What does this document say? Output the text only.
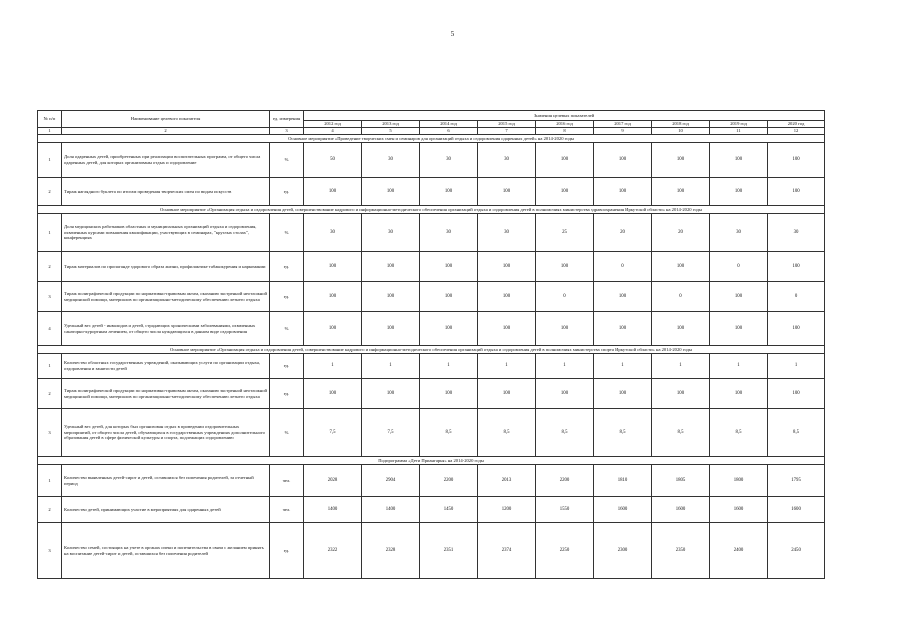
5
№ п/п	Наименование целевого показателя	ед. измерения	Значения целевых показателей								
			2012 год	2013 год	2014 год	2015 год	2016 год	2017 год	2018 год	2019 год	2020 год
1	2	3	4	5	6	7	8	9	10	11	12
Основное мероприятие «Проведение творческих смен и семинаров для организаций отдыха и оздоровления одаренных детей» на 2014-2020 годы											
1	Доля одаренных детей, приобретенных при реализации воспитательных программ, от общего числа одаренных детей, для которых организованы отдых и оздоровление	%	50	30	30	30	100	100	100	100	100
2	Тираж наглядного буклета по итогам проведения творческих смен по видам искусств	ед.	100	100	100	100	100	100	100	100	100
Основное мероприятие «Организация отдыха и оздоровления детей, совершенствование кадрового и информационно-методического обеспечения организаций отдыха и оздоровления детей в полномочиях министерства здравоохранения Иркутской области» на 2014-2020 годы											
1	Доля медицинских работников областных и муниципальных организаций отдыха и оздоровления, охваченных курсами повышения квалификации, участвующих в семинарах, "круглых столах", конференциях	%	30	30	30	30	25	20	20	30	30
2	Тираж материалов по пропаганде здорового образа жизни, профилактике табакокурения и наркомании	ед.	100	100	100	100	100	0	100	0	100
3	Тираж полиграфической продукции по нормативно-правовым актам, оказанию экстренной неотложной медицинской помощи, материалов по организационно-методическому обеспечению летнего отдыха	ед.	100	100	100	100	0	100	0	100	0
4	Удельный вес детей - инвалидов и детей, страдающих хроническими заболеваниями, охваченных санаторно-курортным лечением, от общего числа нуждающихся в данном виде оздоровления	%	100	100	100	100	100	100	100	100	100
Основное мероприятие «Организация отдыха и оздоровления детей, совершенствование кадрового и информационно-методического обеспечения организаций отдыха и оздоровления детей в полномочиях министерства спорта Иркутской области» на 2014-2020 годы											
1	Количество областных государственных учреждений, оказывающих услуги по организации отдыха, оздоровления и занятости детей	ед.	1	1	1	1	1	1	1	1	1
2	Тираж полиграфической продукции по нормативно-правовым актам, оказанию экстренной неотложной медицинской помощи, материалов по организационно-методическому обеспечению летнего отдыха	ед.	100	100	100	100	100	100	100	100	100
3	Удельный вес детей, для которых был организован отдых в проведении оздоровительных мероприятий, от общего числа детей, обучающихся в государственных учреждениях дополнительного образования детей в сфере физической культуры и спорта, подлежащих оздоровлению	%	7,5	7,5	8,5	8,5	8,5	8,5	8,5	8,5	8,5
Подпрограмма «Дети Приангарья» на 2014-2020 годы											
1	Количество выявленных детей-сирот и детей, оставшихся без попечения родителей, за отчетный период	чел.	2028	2904	2200	2013	2200	1810	1805	1800	1795
2	Количество детей, принимающих участие в мероприятиях для одаренных детей	чел.	1400	1400	1450	1200	1550	1600	1600	1600	1600
3	Количество семей, состоящих на учете в органах опеки и попечительства в связи с желанием принять на воспитание детей-сирот и детей, оставшихся без попечения родителей	ед.	2322	2328	2351	2374	2250	2300	2350	2400	2450
